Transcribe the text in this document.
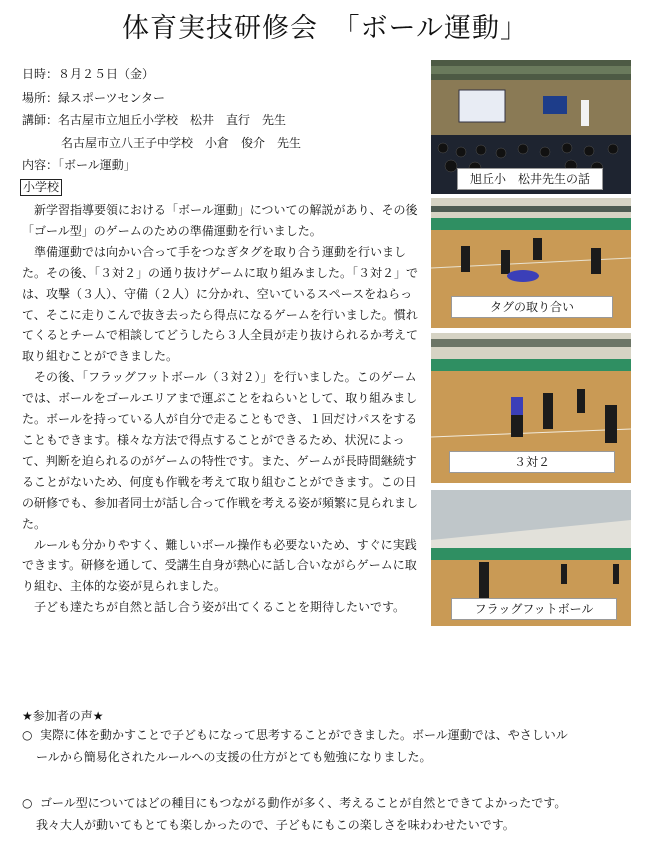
体育実技研修会　「ボール運動」
日時：８月２５日（金）
場所：緑スポーツセンター
講師：名古屋市立旭丘小学校　松井　直行　先生
名古屋市立八王子中学校　小倉　俊介　先生
内容：「ボール運動」
小学校

新学習指導要領における「ボール運動」についての解説があり、その後「ゴール型」のゲームのための準備運動を行いました。

準備運動では向かい合って手をつなぎタグを取り合う運動を行いました。その後、「３対２」の通り抜けゲームに取り組みました。「３対２」では、攻撃（３人）、守備（２人）に分かれ、空いているスペースをねらって、そこに走りこんで抜き去ったら得点になるゲームを行いました。慣れてくるとチームで相談してどうしたら３人全員が走り抜けられるか考えて取り組むことができました。

その後、「フラッグフットボール（３対２）」を行いました。このゲームでは、ボールをゴールエリアまで運ぶことをねらいとして、取り組みました。ボールを持っている人が自分で走ることもでき、１回だけパスをすることもできます。様々な方法で得点することができるため、状況によって、判断を迫られるのがゲームの特性です。また、ゲームが長時間継続することがないため、何度も作戦を考えて取り組むことができます。この日の研修でも、参加者同士が話し合って作戦を考える姿が頻繁に見られました。

ルールも分かりやすく、難しいボール操作も必要ないため、すぐに実践できます。研修を通して、受講生自身が熱心に話し合いながらゲームに取り組む、主体的な姿が見られました。

子ども達たちが自然と話し合う姿が出てくることを期待したいです。

旭丘小　松井先生の話
タグの取り合い
３対２
フラッグフットボール
★参加者の声★
○ 実際に体を動かすことで子どもになって思考することができました。ボール運動では、やさしいル
ールから簡易化されたルールへの支援の仕方がとても勉強になりました。
○ ゴール型についてはどの種目にもつながる動作が多く、考えることが自然とできてよかったです。
我々大人が動いてもとても楽しかったので、子どもにもこの楽しさを味わわせたいです。
